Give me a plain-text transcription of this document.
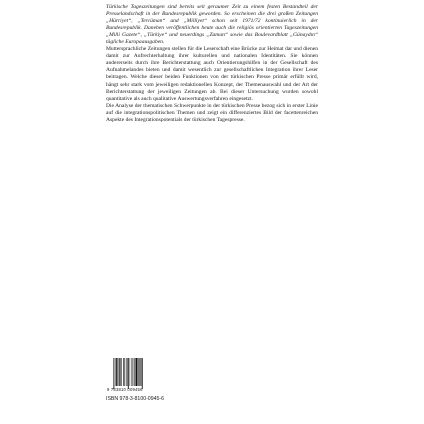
Türkische Tageszeitungen sind bereits seit geraumer Zeit zu einem festen Bestandteil der Presselandschaft in der Bundesrepublik geworden. So erscheinen die drei großen Zeitungen „Hürriyet“, „Tercüman“ und „Milliyet“ schon seit 1971/72 kontinuierlich in der Bundesrepublik. Daneben veröffentlichen heute auch die religiös orientierten Tageszeitungen „Milli Gazete“, „Türkiye“ und neuerdings „Zaman“ sowie das Boulevardblatt „Günaydın“ tägliche Europaausgaben.

Muttersprachliche Zeitungen stellen für die Leserschaft eine Brücke zur Heimat dar und dienen damit zur Aufrechterhaltung ihrer kulturellen und nationalen Identitäten. Sie können andererseits durch ihre Berichterstattung auch Orientierungshilfen in der Gesellschaft des Aufnahmelandes bieten und damit wesentlich zur gesellschaftlichen Integration ihrer Leser beitragen. Welche dieser beiden Funktionen von der türkischen Presse primär erfüllt wird, hängt sehr stark vom jeweiligen redaktionellen Konzept, der Themenauswahl und der Art der Berichterstattung der jeweiligen Zeitungen ab. Bei dieser Untersuchung wurden sowohl quantitative als auch qualitative Auswertungsverfahren eingesetzt.

Die Analyse der thematischen Schwerpunkte in der türkischen Presse bezog sich in erster Linie auf die integrationspolitischen Themen und zeigt ein differenziertes Bild der facettenreichen Aspekte des Integrationspotentials der türkischen Tagespresse.

9 783810 009456
ISBN 978-3-8100-0945-6
